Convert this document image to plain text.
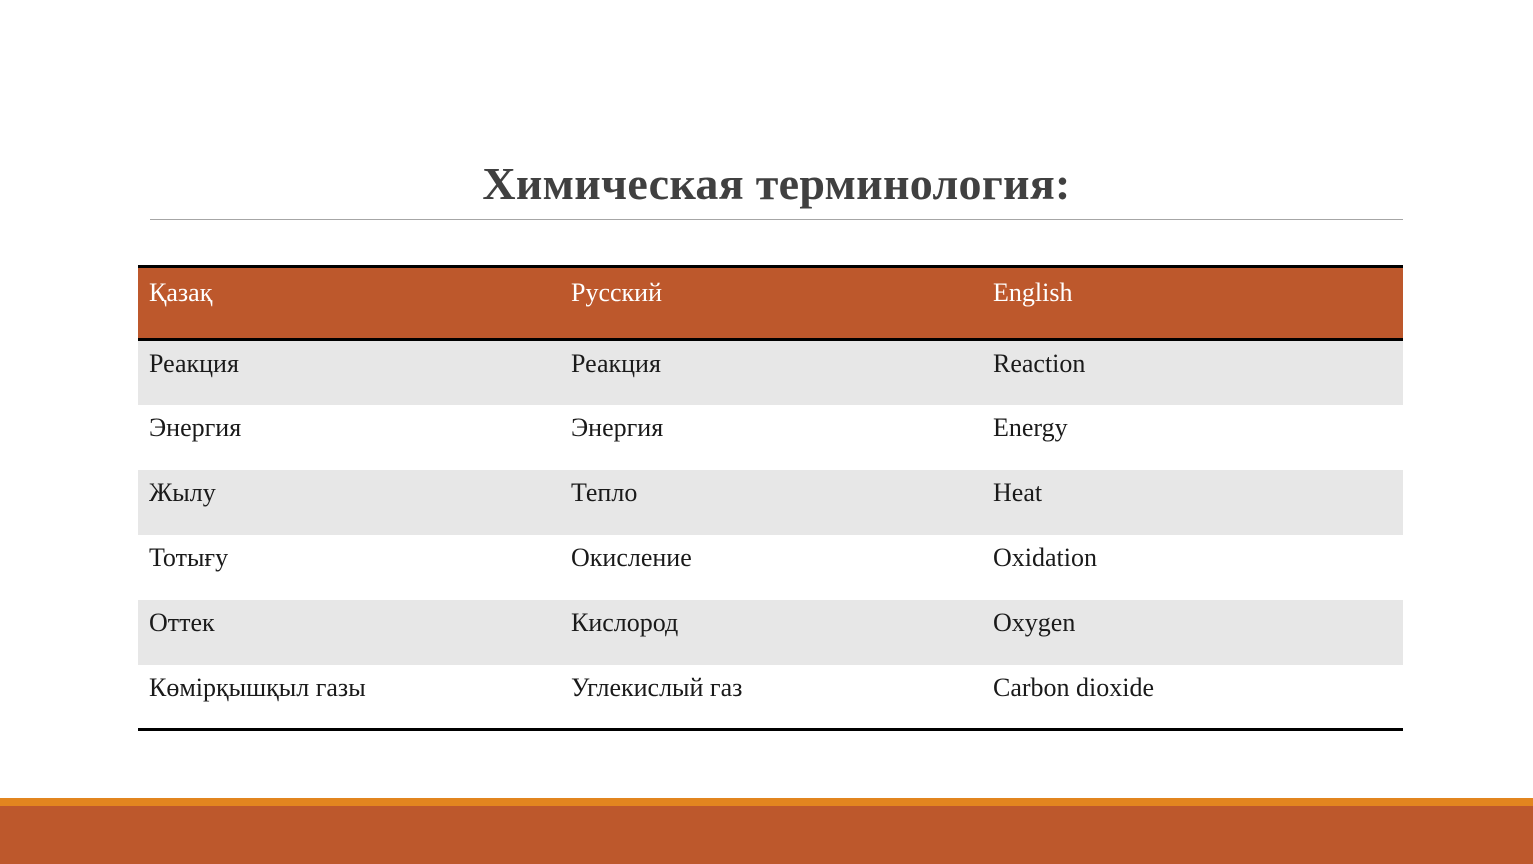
Химическая терминология:
Қазақ	Русский	English
Реакция	Реакция	Reaction
Энергия	Энергия	Energy
Жылу	Тепло	Heat
Тотығу	Окисление	Oxidation
Оттек	Кислород	Oxygen
Көмірқышқыл газы	Углекислый газ	Carbon dioxide
